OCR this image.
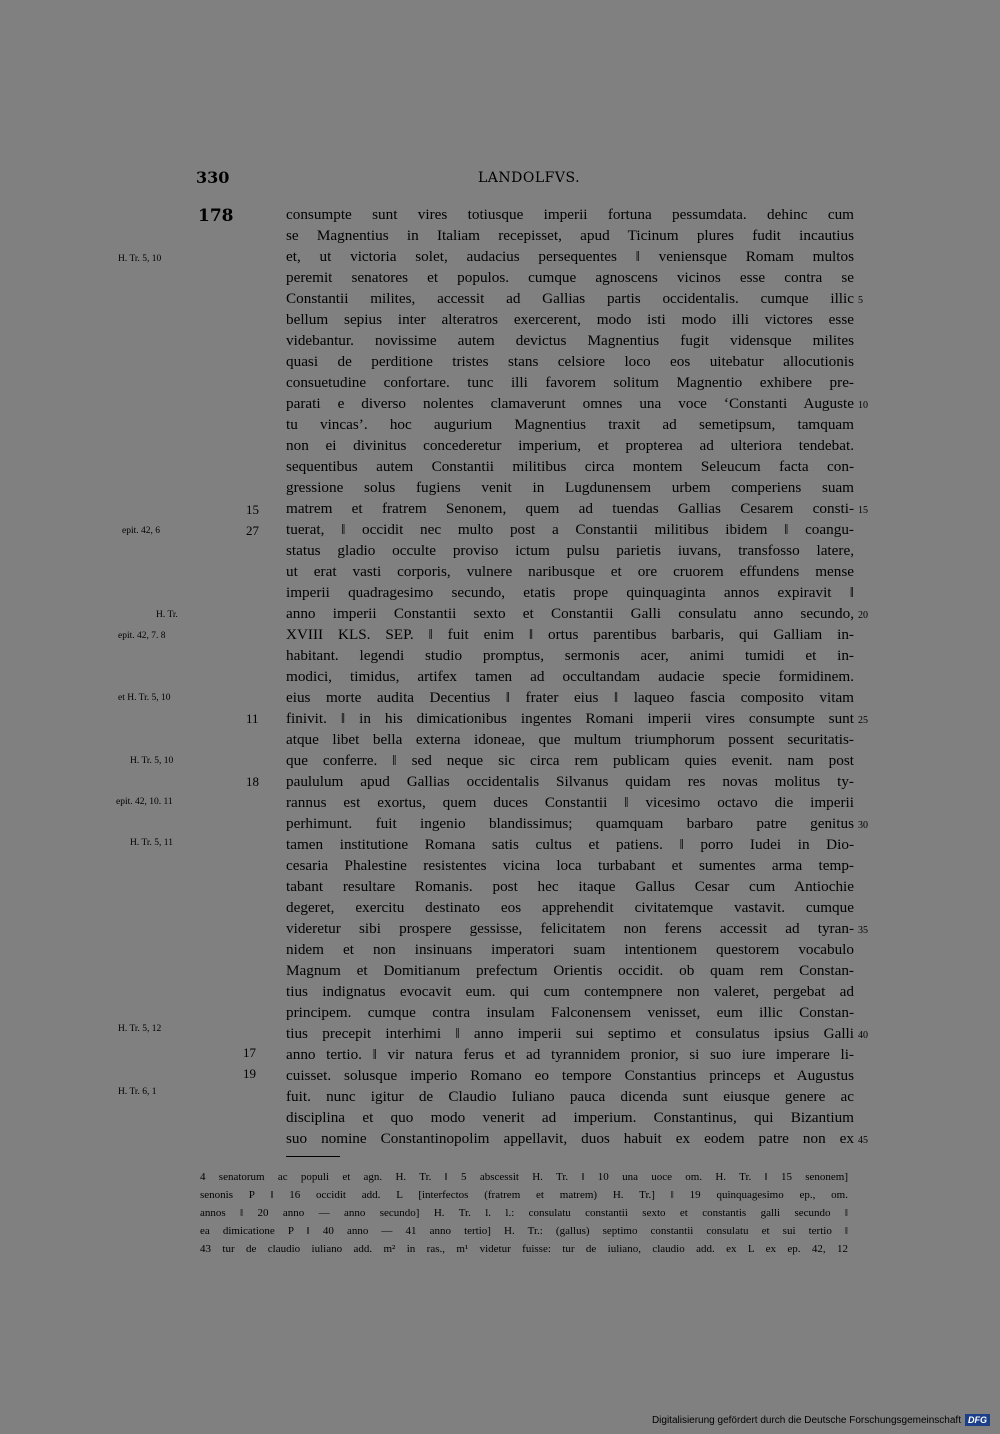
330	LANDOLFVS.
178	consumpte sunt vires totiusque imperii fortuna pessumdata. dehinc cum
se Magnentius in Italiam recepisset, apud Ticinum plures fudit incautius
et, ut victoria solet, audacius persequentes ‖ veniensque Romam multos
peremit senatores et populos. cumque agnoscens vicinos esse contra se
Constantii milites, accessit ad Gallias partis occidentalis. cumque illic
bellum sepius inter alteratros exercerent, modo isti modo illi victores esse
videbantur. novissime autem devictus Magnentius fugit vidensque milites
quasi de perditione tristes stans celsiore loco eos uitebatur allocutionis
consuetudine confortare. tunc illi favorem solitum Magnentio exhibere pre-
parati e diverso nolentes clamaverunt omnes una voce ‘Constanti Auguste
tu vincas’. hoc augurium Magnentius traxit ad semetipsum, tamquam
non ei divinitus concederetur imperium, et propterea ad ulteriora tendebat.
sequentibus autem Constantii militibus circa montem Seleucum facta con-
gressione solus fugiens venit in Lugdunensem urbem comperiens suam
matrem et fratrem Senonem, quem ad tuendas Gallias Cesarem consti-
tuerat, ‖ occidit nec multo post a Constantii militibus ibidem ‖ coangu-
status gladio occulte proviso ictum pulsu parietis iuvans, transfosso latere,
ut erat vasti corporis, vulnere naribusque et ore cruorem effundens mense
imperii quadragesimo secundo, etatis prope quinquaginta annos expiravit ‖
anno imperii Constantii sexto et Constantii Galli consulatu anno secundo,
XVIII KLS. SEP. ‖ fuit enim ‖ ortus parentibus barbaris, qui Galliam in-
habitant. legendi studio promptus, sermonis acer, animi tumidi et in-
modici, timidus, artifex tamen ad occultandam audacie specie formidinem.
eius morte audita Decentius ‖ frater eius ‖ laqueo fascia composito vitam
finivit. ‖ in his dimicationibus ingentes Romani imperii vires consumpte sunt
atque libet bella externa idoneae, que multum triumphorum possent securitatis-
que conferre. ‖ sed neque sic circa rem publicam quies evenit. nam post
paululum apud Gallias occidentalis Silvanus quidam res novas molitus ty-
rannus est exortus, quem duces Constantii ‖ vicesimo octavo die imperii
perhimunt. fuit ingenio blandissimus; quamquam barbaro patre genitus
tamen institutione Romana satis cultus et patiens. ‖ porro Iudei in Dio-
cesaria Phalestine resistentes vicina loca turbabant et sumentes arma temp-
tabant resultare Romanis. post hec itaque Gallus Cesar cum Antiochie
degeret, exercitu destinato eos apprehendit civitatemque vastavit. cumque
videretur sibi prospere gessisse, felicitatem non ferens accessit ad tyran-
nidem et non insinuans imperatori suam intentionem questorem vocabulo
Magnum et Domitianum prefectum Orientis occidit. ob quam rem Constan-
tius indignatus evocavit eum. qui cum contempnere non valeret, pergebat ad
principem. cumque contra insulam Falconensem venisset, eum illic Constan-
tius precepit interhimi ‖ anno imperii sui septimo et consulatus ipsius Galli
anno tertio. ‖ vir natura ferus et ad tyrannidem pronior, si suo iure imperare li-
cuisset. solusque imperio Romano eo tempore Constantius princeps et Augustus
fuit. nunc igitur de Claudio Iuliano pauca dicenda sunt eiusque genere ac
disciplina et quo modo venerit ad imperium. Constantinus, qui Bizantium
suo nomine Constantinopolim appellavit, duos habuit ex eodem patre non ex
5
10
15
20
25
30
35
40
45
H. Tr. 5, 10
epit. 42, 6
H. Tr.
epit. 42, 7. 8
et H. Tr. 5, 10
H. Tr. 5, 10
epit. 42, 10. 11
H. Tr. 5, 11
H. Tr. 5, 12
H. Tr. 6, 1
15
27
11
18
17
19
4 senatorum ac populi et agn. H. Tr. ‖ 5 abscessit H. Tr. ‖ 10 una uoce om. H. Tr. ‖ 15 senonem]
senonis P ‖ 16 occidit add. L [interfectos (fratrem et matrem) H. Tr.] ‖ 19 quinquagesimo ep., om.
annos ‖ 20 anno — anno secundo] H. Tr. l. l.: consulatu constantii sexto et constantis galli secundo ‖
ea dimicatione P ‖ 40 anno — 41 anno tertio] H. Tr.: (gallus) septimo constantii consulatu et sui tertio ‖
43 tur de claudio iuliano add. m² in ras., m¹ videtur fuisse: tur de iuliano, claudio add. ex L ex ep. 42, 12
Digitalisierung gefördert durch die Deutsche Forschungsgemeinschaft DFG
